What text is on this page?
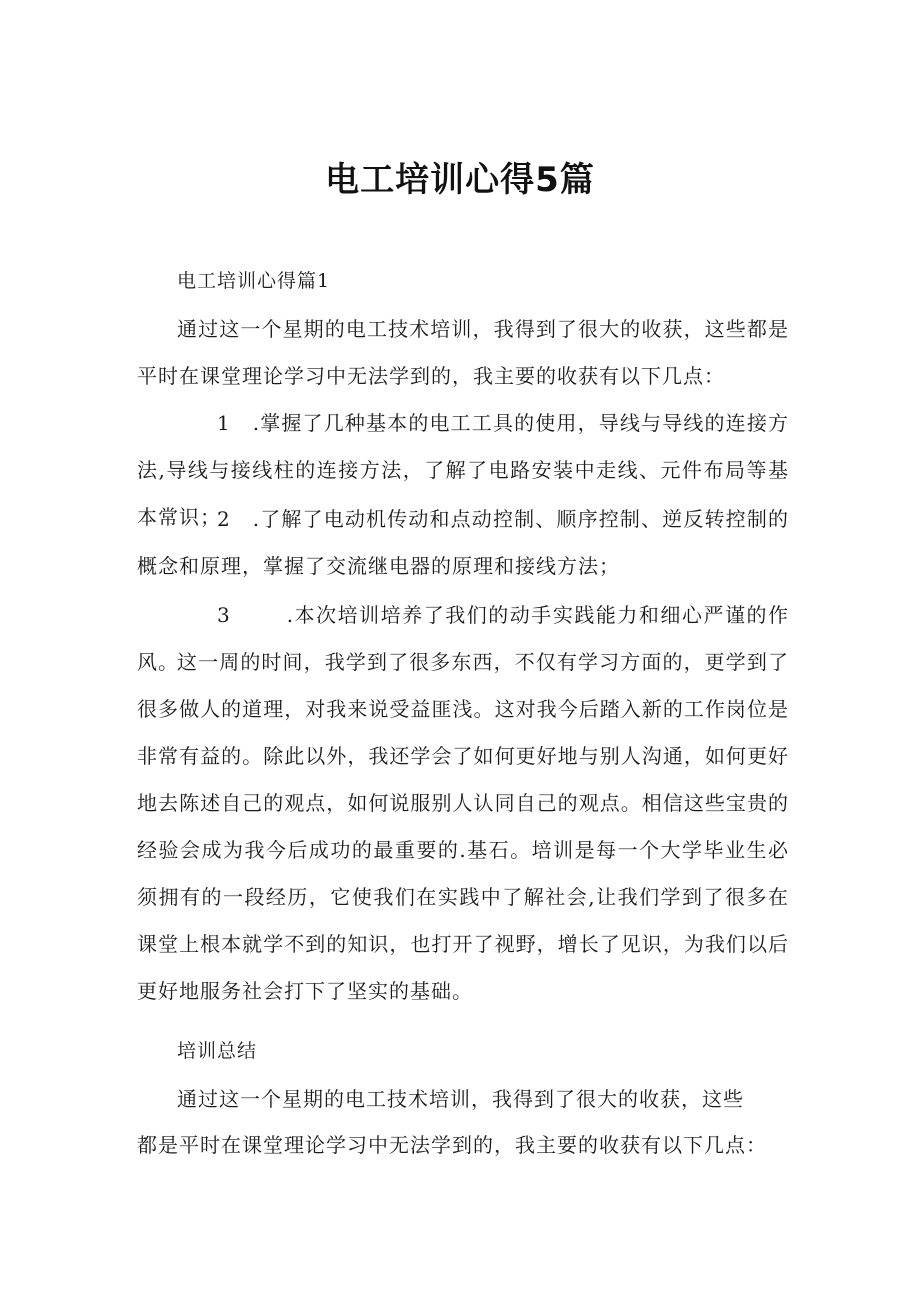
电工培训心得5篇

电工培训心得篇1

通过这一个星期的电工技术培训，我得到了很大的收获，这些都是平时在课堂理论学习中无法学到的，我主要的收获有以下几点：

1 .掌握了几种基本的电工工具的使用，导线与导线的连接方法,导线与接线柱的连接方法，了解了电路安装中走线、元件布局等基本常识；

2 .了解了电动机传动和点动控制、顺序控制、逆反转控制的概念和原理，掌握了交流继电器的原理和接线方法；

3	.本次培训培养了我们的动手实践能力和细心严谨的作风。

这一周的时间，我学到了很多东西，不仅有学习方面的，更学到了很多做人的道理，对我来说受益匪浅。这对我今后踏入新的工作岗位是非常有益的。除此以外，我还学会了如何更好地与别人沟通，如何更好地去陈述自己的观点，如何说服别人认同自己的观点。相信这些宝贵的经验会成为我今后成功的最重要的.基石。培训是每一个大学毕业生必须拥有的一段经历，它使我们在实践中了解社会,让我们学到了很多在课堂上根本就学不到的知识，也打开了视野，增长了见识，为我们以后更好地服务社会打下了坚实的基础。

培训总结

通过这一个星期的电工技术培训，我得到了很大的收获，这些

都是平时在课堂理论学习中无法学到的，我主要的收获有以下几点：
